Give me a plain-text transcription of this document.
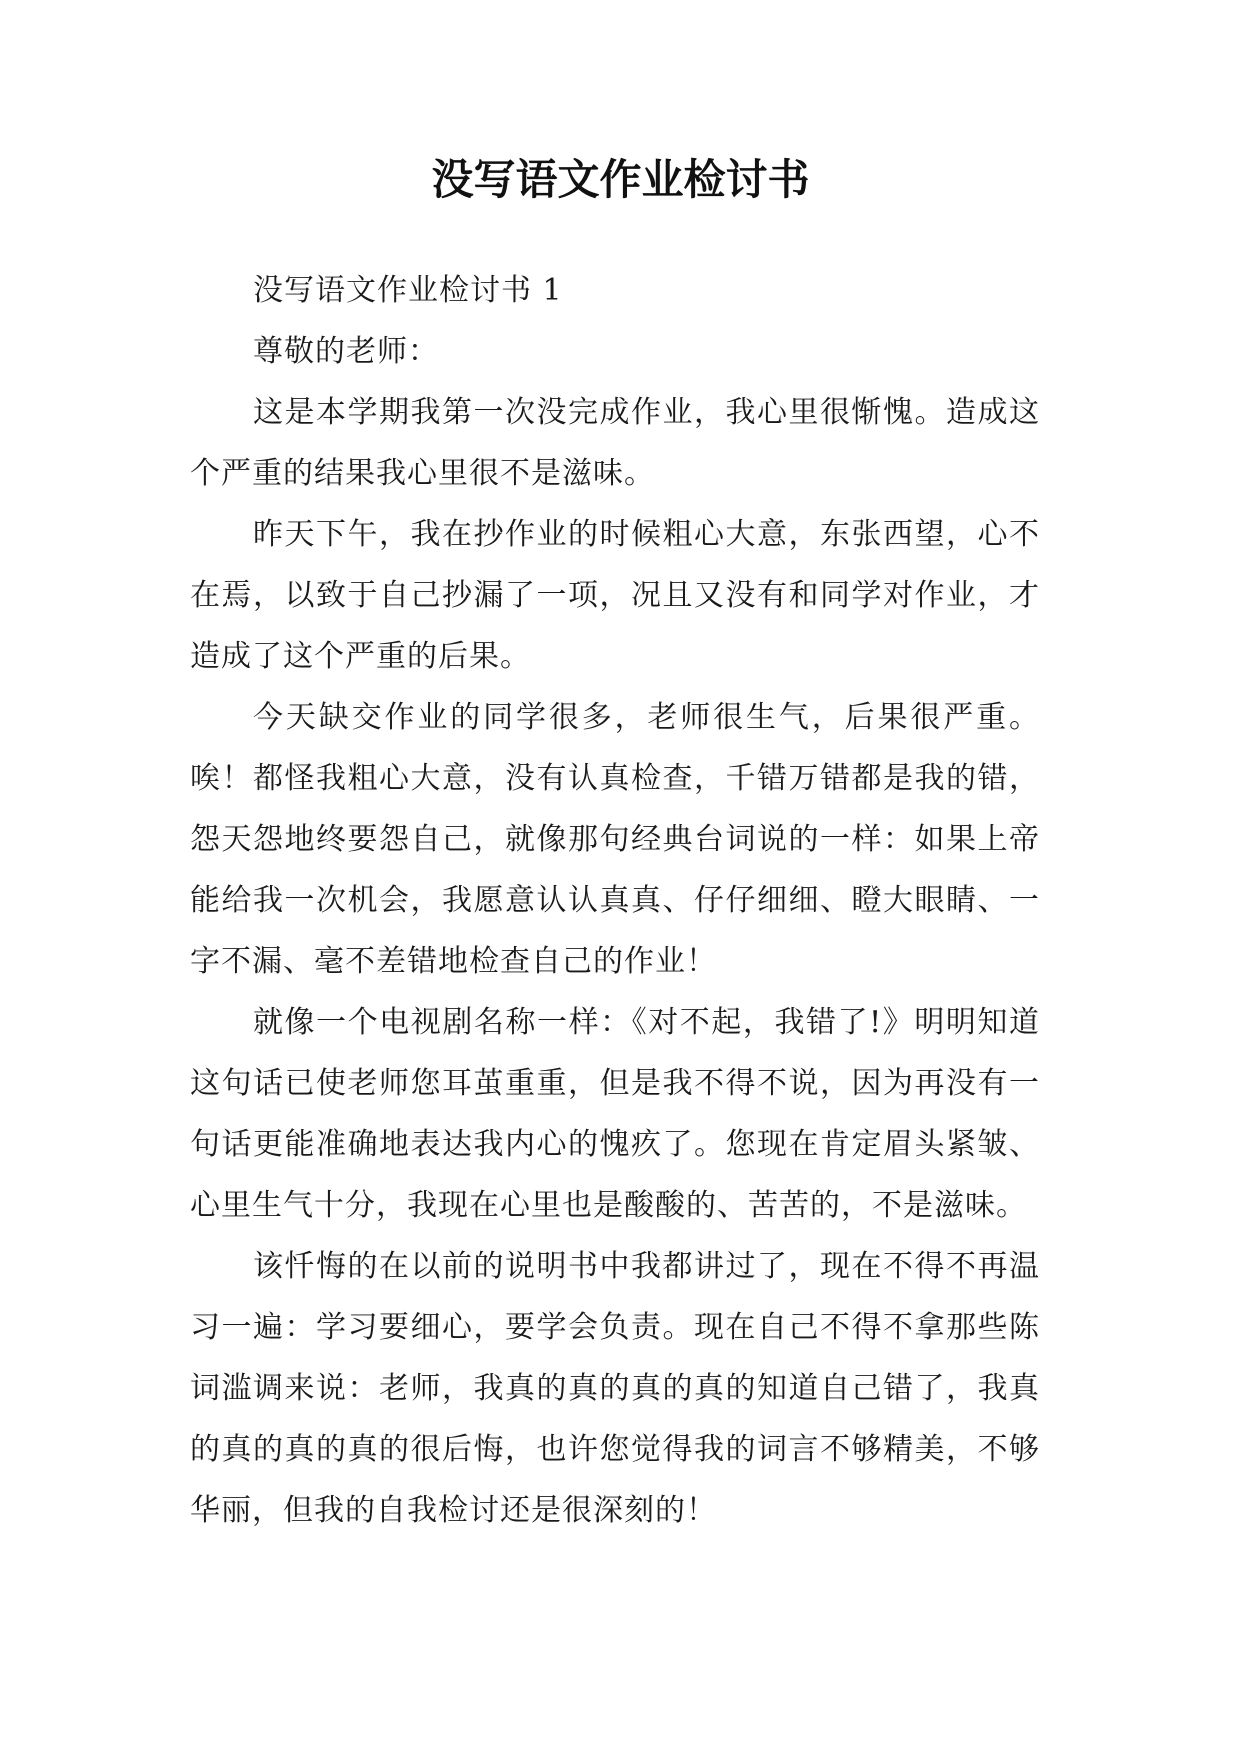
没写语文作业检讨书

没写语文作业检讨书 1

尊敬的老师：

这是本学期我第一次没完成作业，我心里很惭愧。造成这个严重的结果我心里很不是滋味。

昨天下午，我在抄作业的时候粗心大意，东张西望，心不在焉，以致于自己抄漏了一项，况且又没有和同学对作业，才造成了这个严重的后果。

今天缺交作业的同学很多，老师很生气，后果很严重。唉！都怪我粗心大意，没有认真检查，千错万错都是我的错，怨天怨地终要怨自己，就像那句经典台词说的一样：如果上帝能给我一次机会，我愿意认认真真、仔仔细细、瞪大眼睛、一字不漏、毫不差错地检查自己的作业！

就像一个电视剧名称一样：《对不起，我错了!》明明知道这句话已使老师您耳茧重重，但是我不得不说，因为再没有一句话更能准确地表达我内心的愧疚了。您现在肯定眉头紧皱、心里生气十分，我现在心里也是酸酸的、苦苦的，不是滋味。

该忏悔的在以前的说明书中我都讲过了，现在不得不再温习一遍：学习要细心，要学会负责。现在自己不得不拿那些陈词滥调来说：老师，我真的真的真的真的知道自己错了，我真的真的真的真的很后悔，也许您觉得我的词言不够精美，不够华丽，但我的自我检讨还是很深刻的！
